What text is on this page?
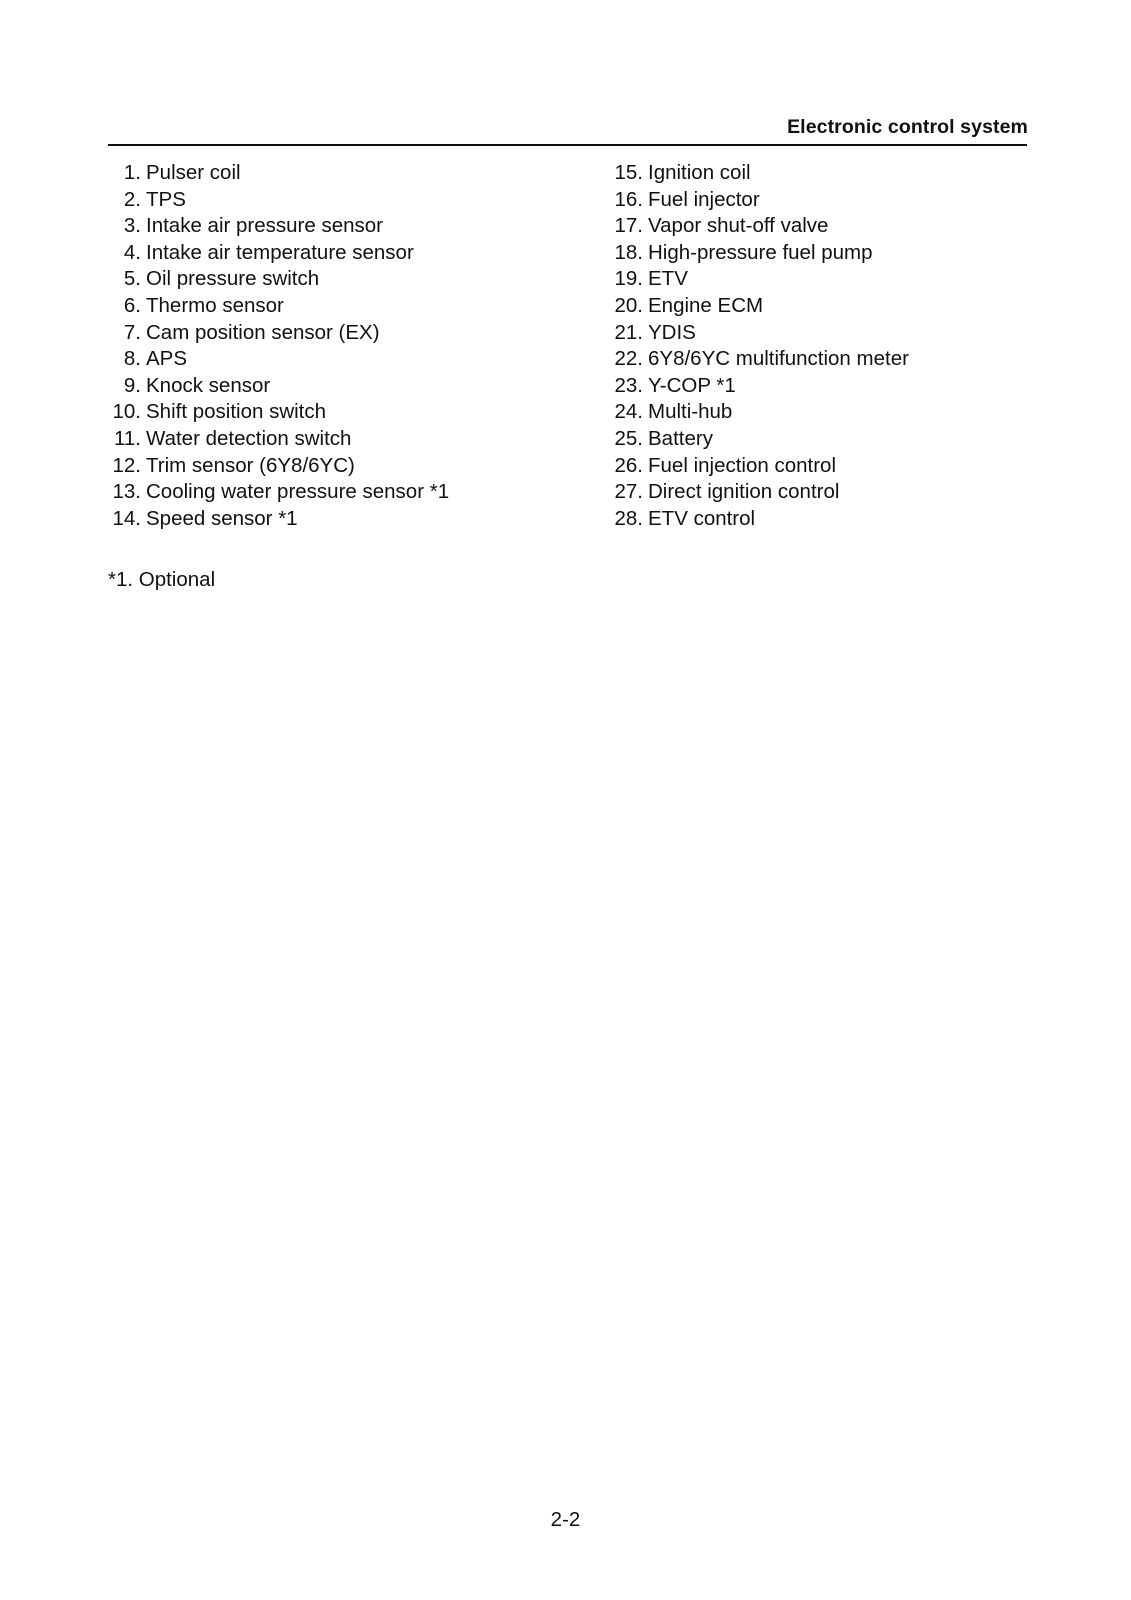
Electronic control system
1. Pulser coil
2. TPS
3. Intake air pressure sensor
4. Intake air temperature sensor
5. Oil pressure switch
6. Thermo sensor
7. Cam position sensor (EX)
8. APS
9. Knock sensor
10. Shift position switch
11. Water detection switch
12. Trim sensor (6Y8/6YC)
13. Cooling water pressure sensor *1
14. Speed sensor *1
15. Ignition coil
16. Fuel injector
17. Vapor shut-off valve
18. High-pressure fuel pump
19. ETV
20. Engine ECM
21. YDIS
22. 6Y8/6YC multifunction meter
23. Y-COP *1
24. Multi-hub
25. Battery
26. Fuel injection control
27. Direct ignition control
28. ETV control
*1. Optional
2-2
